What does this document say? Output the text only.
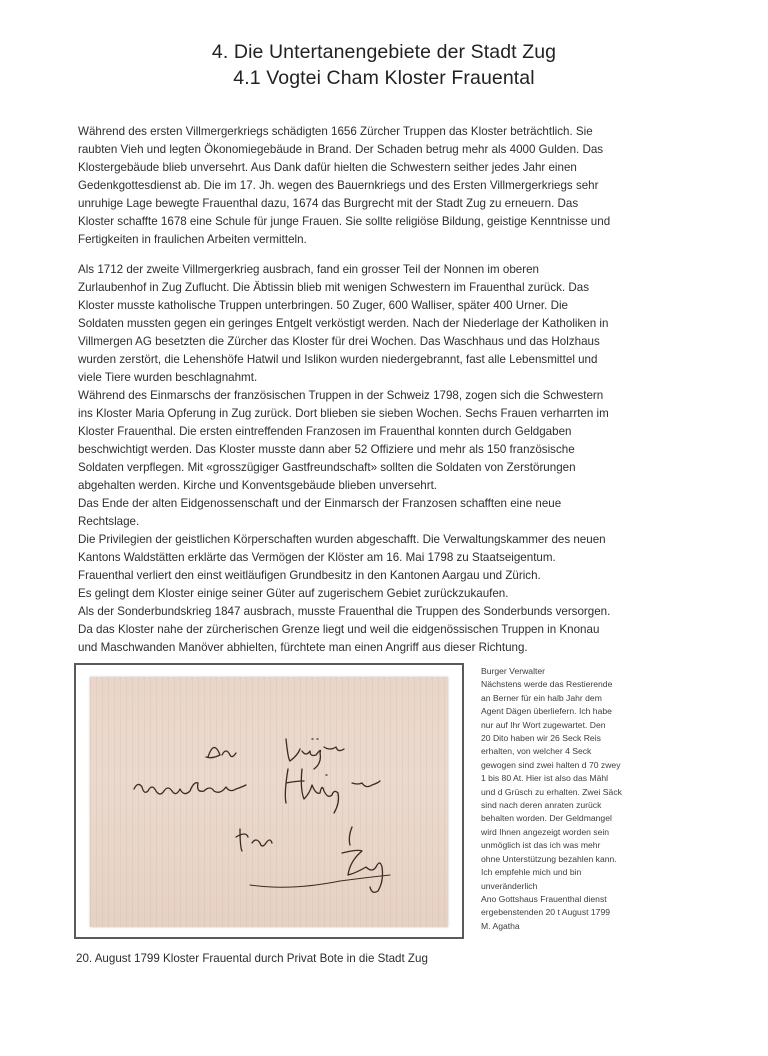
4. Die Untertanengebiete der Stadt Zug
4.1 Vogtei Cham Kloster Frauental
Während des ersten Villmergerkriegs schädigten 1656 Zürcher Truppen das Kloster beträchtlich. Sie
raubten Vieh und legten Ökonomiegebäude in Brand. Der Schaden betrug mehr als 4000 Gulden. Das
Klostergebäude blieb unversehrt. Aus Dank dafür hielten die Schwestern seither jedes Jahr einen
Gedenkgottesdienst ab. Die im 17. Jh. wegen des Bauernkriegs und des Ersten Villmergerkriegs sehr
unruhige Lage bewegte Frauenthal dazu, 1674 das Burgrecht mit der Stadt Zug zu erneuern. Das
Kloster schaffte 1678 eine Schule für junge Frauen. Sie sollte religiöse Bildung, geistige Kenntnisse und
Fertigkeiten in fraulichen Arbeiten vermitteln.
Als 1712 der zweite Villmergerkrieg ausbrach, fand ein grosser Teil der Nonnen im oberen
Zurlaubenhof in Zug Zuflucht. Die Äbtissin blieb mit wenigen Schwestern im Frauenthal zurück. Das
Kloster musste katholische Truppen unterbringen. 50 Zuger, 600 Walliser, später 400 Urner. Die
Soldaten mussten gegen ein geringes Entgelt verköstigt werden. Nach der Niederlage der Katholiken in
Villmergen AG besetzten die Zürcher das Kloster für drei Wochen. Das Waschhaus und das Holzhaus
wurden zerstört, die Lehenshöfe Hatwil und Islikon wurden niedergebrannt, fast alle Lebensmittel und
viele Tiere wurden beschlagnahmt.
Während des Einmarschs der französischen Truppen in der Schweiz 1798, zogen sich die Schwestern
ins Kloster Maria Opferung in Zug zurück. Dort blieben sie sieben Wochen. Sechs Frauen verharrten im
Kloster Frauenthal. Die ersten eintreffenden Franzosen im Frauenthal konnten durch Geldgaben
beschwichtigt werden. Das Kloster musste dann aber 52 Offiziere und mehr als 150 französische
Soldaten verpflegen. Mit «grosszügiger Gastfreundschaft» sollten die Soldaten von Zerstörungen
abgehalten werden. Kirche und Konventsgebäude blieben unversehrt.
Das Ende der alten Eidgenossenschaft und der Einmarsch der Franzosen schafften eine neue
Rechtslage.
Die Privilegien der geistlichen Körperschaften wurden abgeschafft. Die Verwaltungskammer des neuen
Kantons Waldstätten erklärte das Vermögen der Klöster am 16. Mai 1798 zu Staatseigentum.
Frauenthal verliert den einst weitläufigen Grundbesitz in den Kantonen Aargau und Zürich.
Es gelingt dem Kloster einige seiner Güter auf zugerischem Gebiet zurückzukaufen.
Als der Sonderbundskrieg 1847 ausbrach, musste Frauenthal die Truppen des Sonderbunds versorgen.
Da das Kloster nahe der zürcherischen Grenze liegt und weil die eidgenössischen Truppen in Knonau
und Maschwanden Manöver abhielten, fürchtete man einen Angriff aus dieser Richtung.
Burger Verwalter
Nächstens werde das Restierende
an Berner für ein halb Jahr dem
Agent Dägen überliefern. Ich habe
nur auf Ihr Wort zugewartet. Den
20 Dito haben wir 26 Seck Reis
erhalten, von welcher 4 Seck
gewogen sind zwei halten d 70 zwey
1 bis 80 At. Hier ist also das Mähl
und d Grüsch zu erhalten. Zwei Säck
sind nach deren anraten zurück
behalten worden. Der Geldmangel
wird Ihnen angezeigt worden sein
unmöglich ist das ich was mehr
ohne Unterstützung bezahlen kann.
Ich empfehle mich und bin
unveränderlich
Ano Gottshaus Frauenthal dienst
ergebenstenden 20 t August 1799
M. Agatha
20. August 1799 Kloster Frauental durch Privat Bote in die Stadt Zug
